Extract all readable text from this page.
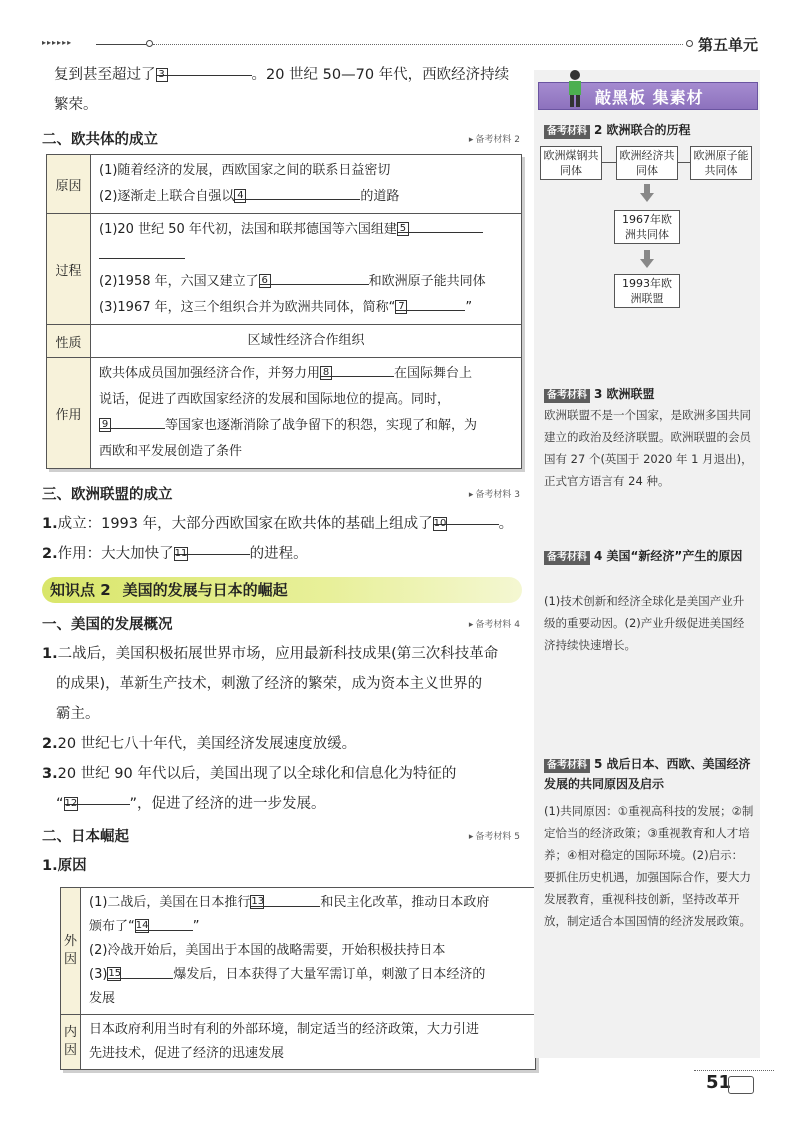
▸▸▸▸▸▸	第五单元
复到甚至超过了 3	。20 世纪 50—70 年代，西欧经济持续
繁荣。
二、欧共体的成立	▸ 备考材料 2
原因	(1)随着经济的发展，西欧国家之间的联系日益密切
(2)逐渐走上联合自强以 4 的道路

过程	(1)20 世纪 50 年代初，法国和联邦德国等六国组建 5
(2)1958 年，六国又建立了 6 和欧洲原子能共同体
(3)1967 年，这三个组织合并为欧洲共同体，简称“ 7 ”

性质	区域性经济合作组织
作用	欧共体成员国加强经济合作，并努力用 8 在国际舞台上
说话，促进了西欧国家经济的发展和国际地位的提高。同时，
9 等国家也逐渐消除了战争留下的积怨，实现了和解，为
西欧和平发展创造了条件
三、欧洲联盟的成立	▸ 备考材料 3
1.成立：1993 年，大部分西欧国家在欧共体的基础上组成了10	。
2.作用：大大加快了11	的进程。
知识点 2 美国的发展与日本的崛起
一、美国的发展概况	▸ 备考材料 4
1.二战后，美国积极拓展世界市场，应用最新科技成果(第三次科技革命
的成果)，革新生产技术，刺激了经济的繁荣，成为资本主义世界的
霸主。
2.20 世纪七八十年代，美国经济发展速度放缓。
3.20 世纪 90 年代以后，美国出现了以全球化和信息化为特征的
“12	”，促进了经济的进一步发展。
二、日本崛起	▸ 备考材料 5
1.原因
外因	(1)二战后，美国在日本推行13 和民主化改革，推动日本政府
颁布了“14 ”
(2)冷战开始后，美国出于本国的战略需要，开始积极扶持日本
(3)15 爆发后，日本获得了大量军需订单，刺激了日本经济的
发展

内因	日本政府利用当时有利的外部环境，制定适当的经济政策，大力引进
先进技术，促进了经济的迅速发展
敲黑板 集素材
备考材料 2 欧洲联合的历程
欧洲煤钢共同体
欧洲经济共同体
欧洲原子能共同体
1967年欧洲共同体
1993年欧洲联盟
备考材料 3 欧洲联盟
欧洲联盟不是一个国家，是欧洲多国共同建立的政治及经济联盟。欧洲联盟的会员国有 27 个(英国于 2020 年 1 月退出)，正式官方语言有 24 种。
备考材料 4 美国“新经济”产生的原因
(1)技术创新和经济全球化是美国产业升级的重要动因。(2)产业升级促进美国经济持续快速增长。
备考材料 5 战后日本、西欧、美国经济发展的共同原因及启示
(1)共同原因：①重视高科技的发展；②制定恰当的经济政策；③重视教育和人才培养；④相对稳定的国际环境。(2)启示：要抓住历史机遇，加强国际合作，要大力发展教育，重视科技创新，坚持改革开放，制定适合本国国情的经济发展政策。
51
